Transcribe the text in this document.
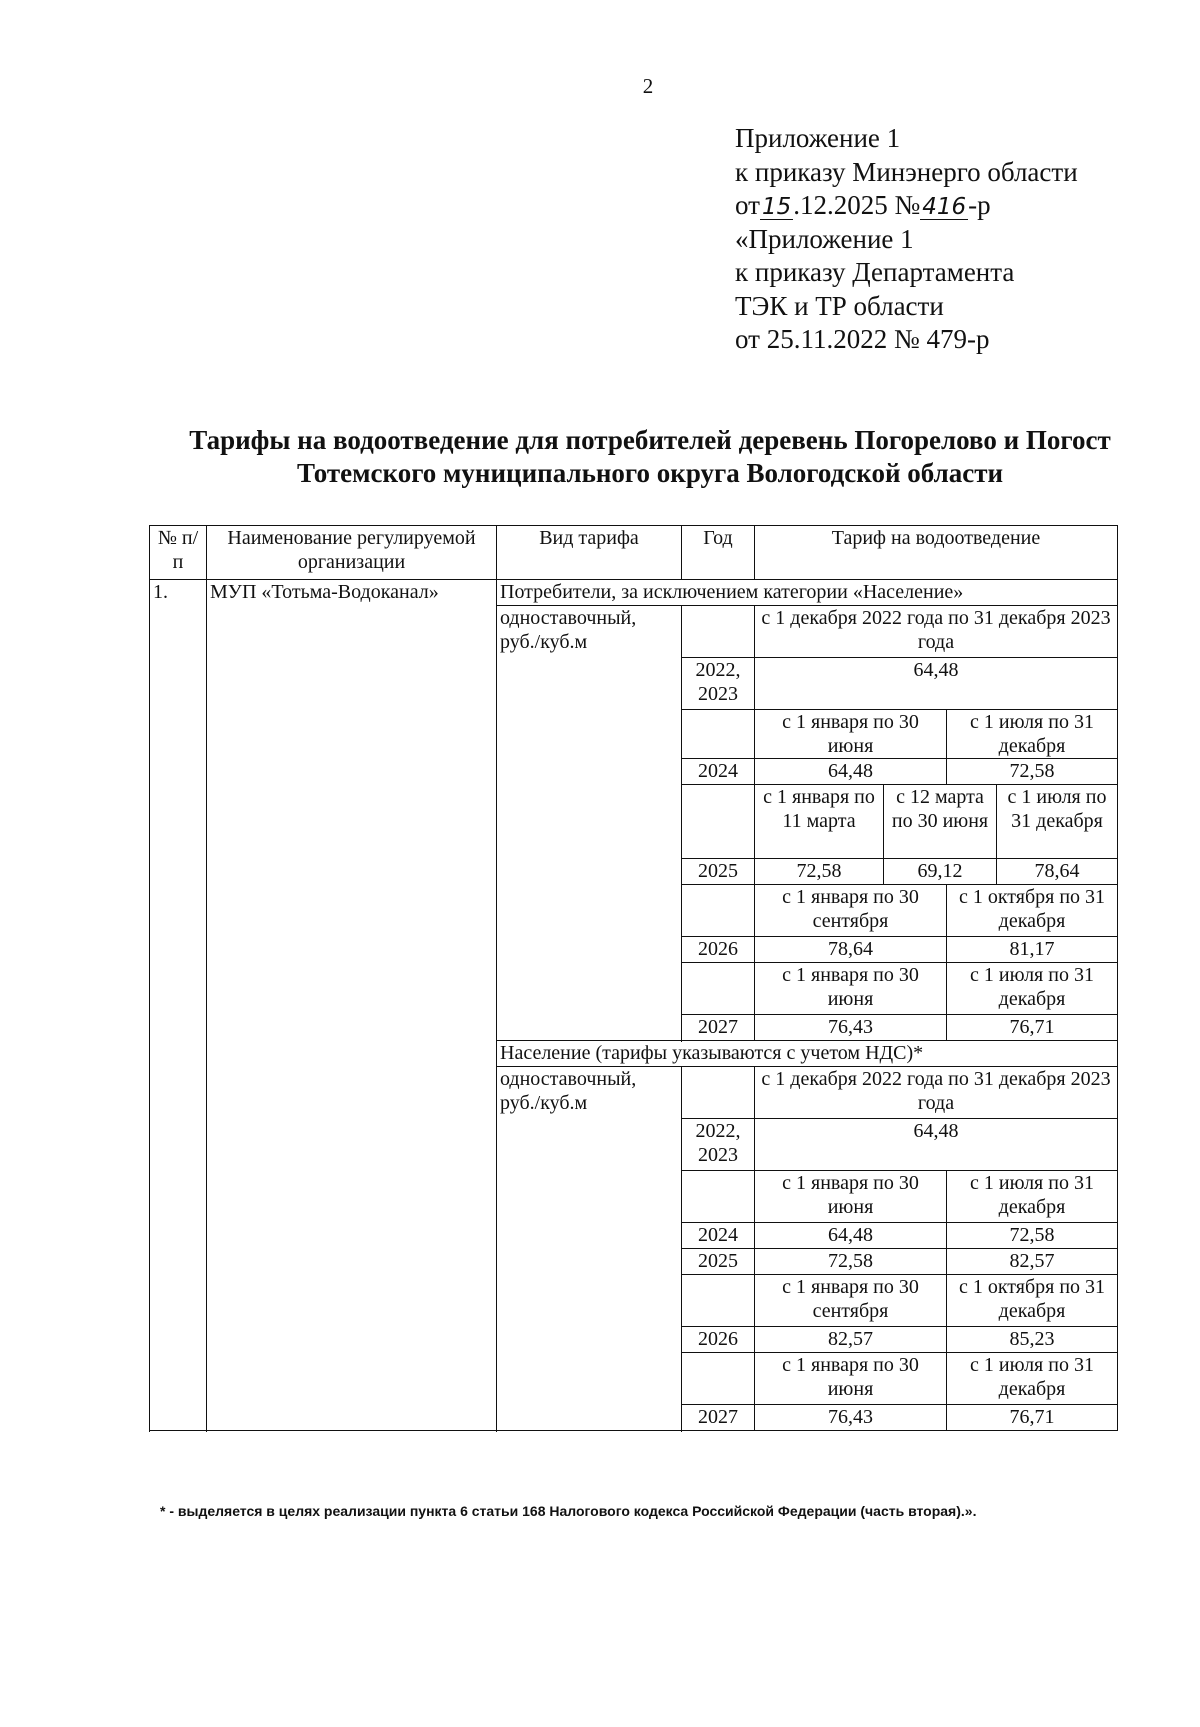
2
Приложение 1
к приказу Минэнерго области
от15.12.2025 №416-р
«Приложение 1
к приказу Департамента
ТЭК и ТР области
от 25.11.2022 № 479-р
Тарифы на водоотведение для потребителей деревень Погорелово и Погост
Тотемского муниципального округа Вологодской области
№ п/п	Наименование регулируемой организации	Вид тарифа	Год	Тариф на водоотведение			
1.	МУП «Тотьма-Водоканал»	Потребители, за исключением категории «Население»					
		одноставочный, руб./куб.м		с 1 декабря 2022 года по 31 декабря 2023 года			
			2022, 2023	64,48			
				с 1 января по 30 июня		с 1 июля по 31 декабря	
			2024	64,48		72,58	
				с 1 января по 11 марта	с 12 марта по 30 июня		с 1 июля по 31 декабря
			2025	72,58	69,12		78,64
				с 1 января по 30 сентября		с 1 октября по 31 декабря	
			2026	78,64		81,17	
				с 1 января по 30 июня		с 1 июля по 31 декабря	
			2027	76,43		76,71	

		Население (тарифы указываются с учетом НДС)*					
		одноставочный, руб./куб.м		с 1 декабря 2022 года по 31 декабря 2023 года			
			2022, 2023	64,48			
				с 1 января по 30 июня		с 1 июля по 31 декабря	
			2024	64,48		72,58	
			2025	72,58		82,57	
				с 1 января по 30 сентября		с 1 октября по 31 декабря	
			2026	82,57		85,23	
				с 1 января по 30 июня		с 1 июля по 31 декабря	
			2027	76,43		76,71	

* - выделяется в целях реализации пункта 6 статьи 168 Налогового кодекса Российской Федерации (часть вторая).».
